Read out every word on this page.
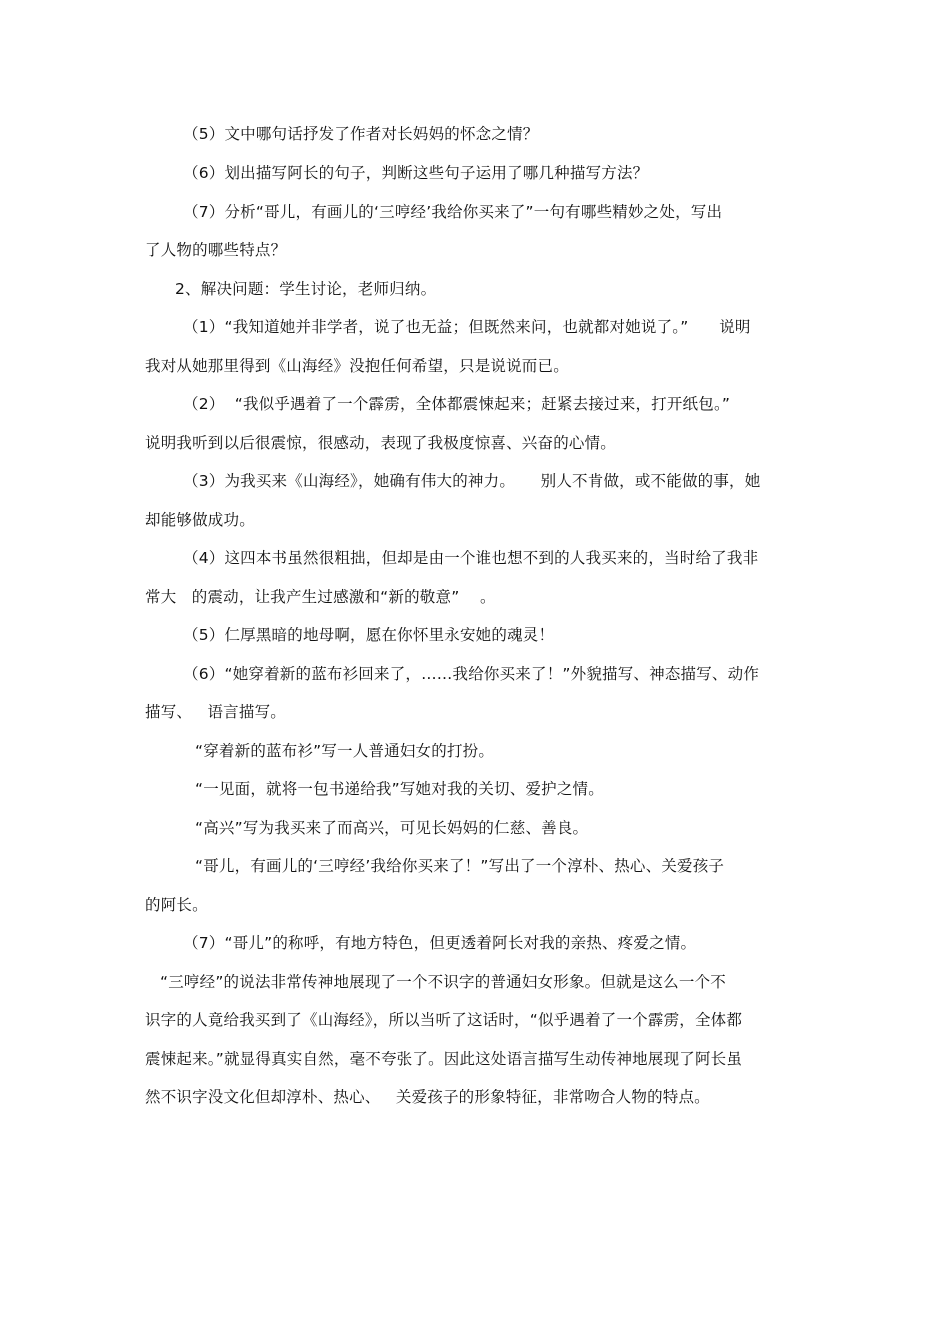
（5）文中哪句话抒发了作者对长妈妈的怀念之情？
（6）划出描写阿长的句子，判断这些句子运用了哪几种描写方法？
（7）分析“哥儿，有画儿的‘三哼经’我给你买来了”一句有哪些精妙之处，写出
了人物的哪些特点？
2、解决问题：学生讨论，老师归纳。
（1）“我知道她并非学者，说了也无益；但既然来问，也就都对她说了。”      说明
我对从她那里得到《山海经》没抱任何希望，只是说说而已。
（2）  “我似乎遇着了一个霹雳，全体都震悚起来；赶紧去接过来，打开纸包。”
说明我听到以后很震惊，很感动，表现了我极度惊喜、兴奋的心情。
（3）为我买来《山海经》，她确有伟大的神力。     别人不肯做，或不能做的事，她
却能够做成功。
（4）这四本书虽然很粗拙，但却是由一个谁也想不到的人我买来的，当时给了我非
常大   的震动，让我产生过感激和“新的敬意”    。
（5）仁厚黑暗的地母啊，愿在你怀里永安她的魂灵！
（6）“她穿着新的蓝布衫回来了，……我给你买来了！”外貌描写、神态描写、动作
描写、   语言描写。
“穿着新的蓝布衫”写一人普通妇女的打扮。
“一见面，就将一包书递给我”写她对我的关切、爱护之情。
“高兴”写为我买来了而高兴，可见长妈妈的仁慈、善良。
“哥儿，有画儿的‘三哼经’我给你买来了！”写出了一个淳朴、热心、关爱孩子
的阿长。
（7）“哥儿”的称呼，有地方特色，但更透着阿长对我的亲热、疼爱之情。
“三哼经”的说法非常传神地展现了一个不识字的普通妇女形象。但就是这么一个不
识字的人竟给我买到了《山海经》，所以当听了这话时，“似乎遇着了一个霹雳，全体都
震悚起来。”就显得真实自然，毫不夸张了。因此这处语言描写生动传神地展现了阿长虽
然不识字没文化但却淳朴、热心、   关爱孩子的形象特征，非常吻合人物的特点。
